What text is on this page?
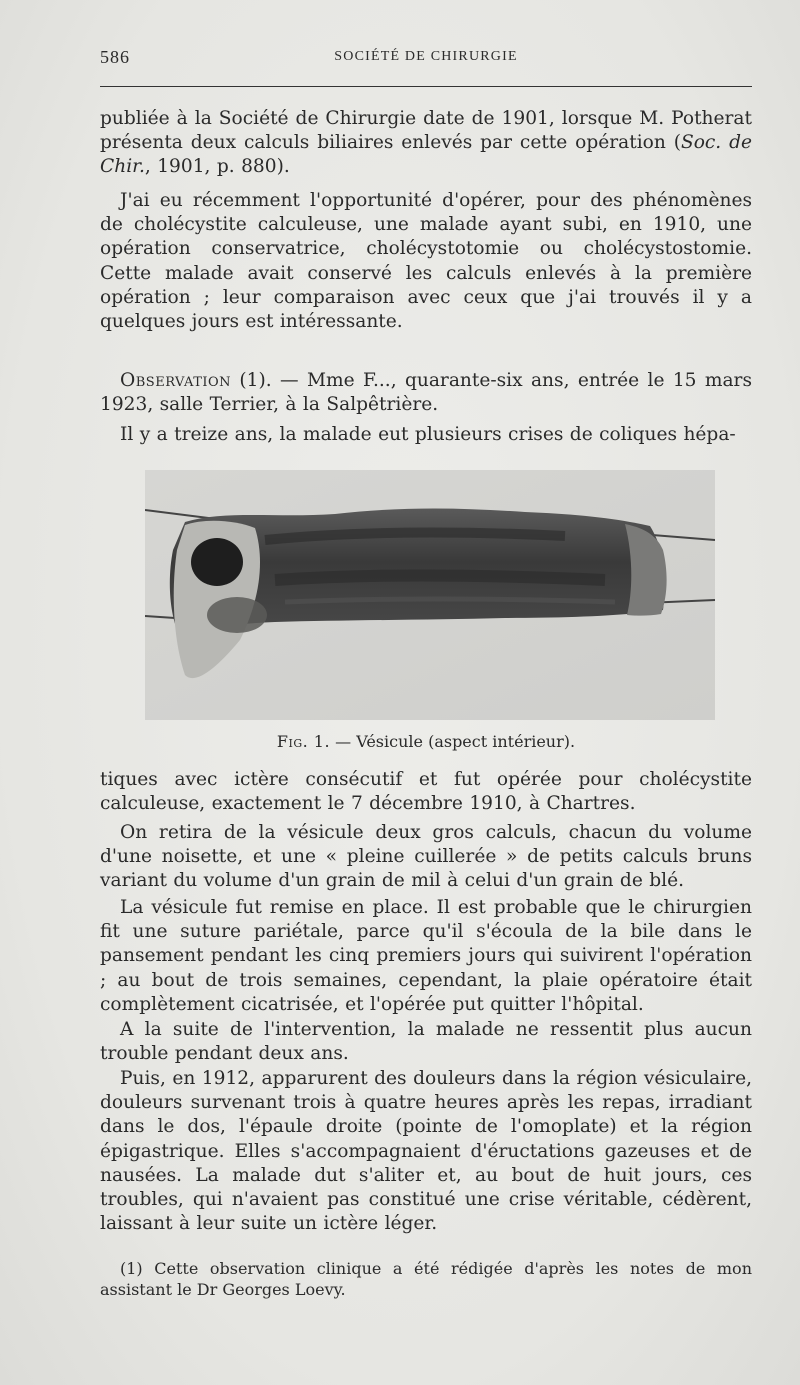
586	SOCIÉTÉ DE CHIRURGIE

publiée à la Société de Chirurgie date de 1901, lorsque M. Potherat présenta deux calculs biliaires enlevés par cette opération (Soc. de Chir., 1901, p. 880).

J'ai eu récemment l'opportunité d'opérer, pour des phénomènes de cholécystite calculeuse, une malade ayant subi, en 1910, une opération conservatrice, cholécystotomie ou cholécystostomie. Cette malade avait conservé les calculs enlevés à la première opération ; leur comparaison avec ceux que j'ai trouvés il y a quelques jours est intéressante.

Observation (1). — Mme F..., quarante-six ans, entrée le 15 mars 1923, salle Terrier, à la Salpêtrière.

Il y a treize ans, la malade eut plusieurs crises de coliques hépa-

Fig. 1. — Vésicule (aspect intérieur).

tiques avec ictère consécutif et fut opérée pour cholécystite calculeuse, exactement le 7 décembre 1910, à Chartres.

On retira de la vésicule deux gros calculs, chacun du volume d'une noisette, et une « pleine cuillerée » de petits calculs bruns variant du volume d'un grain de mil à celui d'un grain de blé.

La vésicule fut remise en place. Il est probable que le chirurgien fit une suture pariétale, parce qu'il s'écoula de la bile dans le pansement pendant les cinq premiers jours qui suivirent l'opération ; au bout de trois semaines, cependant, la plaie opératoire était complètement cicatrisée, et l'opérée put quitter l'hôpital.

A la suite de l'intervention, la malade ne ressentit plus aucun trouble pendant deux ans.

Puis, en 1912, apparurent des douleurs dans la région vésiculaire, douleurs survenant trois à quatre heures après les repas, irradiant dans le dos, l'épaule droite (pointe de l'omoplate) et la région épigastrique. Elles s'accompagnaient d'éructations gazeuses et de nausées. La malade dut s'aliter et, au bout de huit jours, ces troubles, qui n'avaient pas constitué une crise véritable, cédèrent, laissant à leur suite un ictère léger.

(1) Cette observation clinique a été rédigée d'après les notes de mon assistant le Dr Georges Loevy.
